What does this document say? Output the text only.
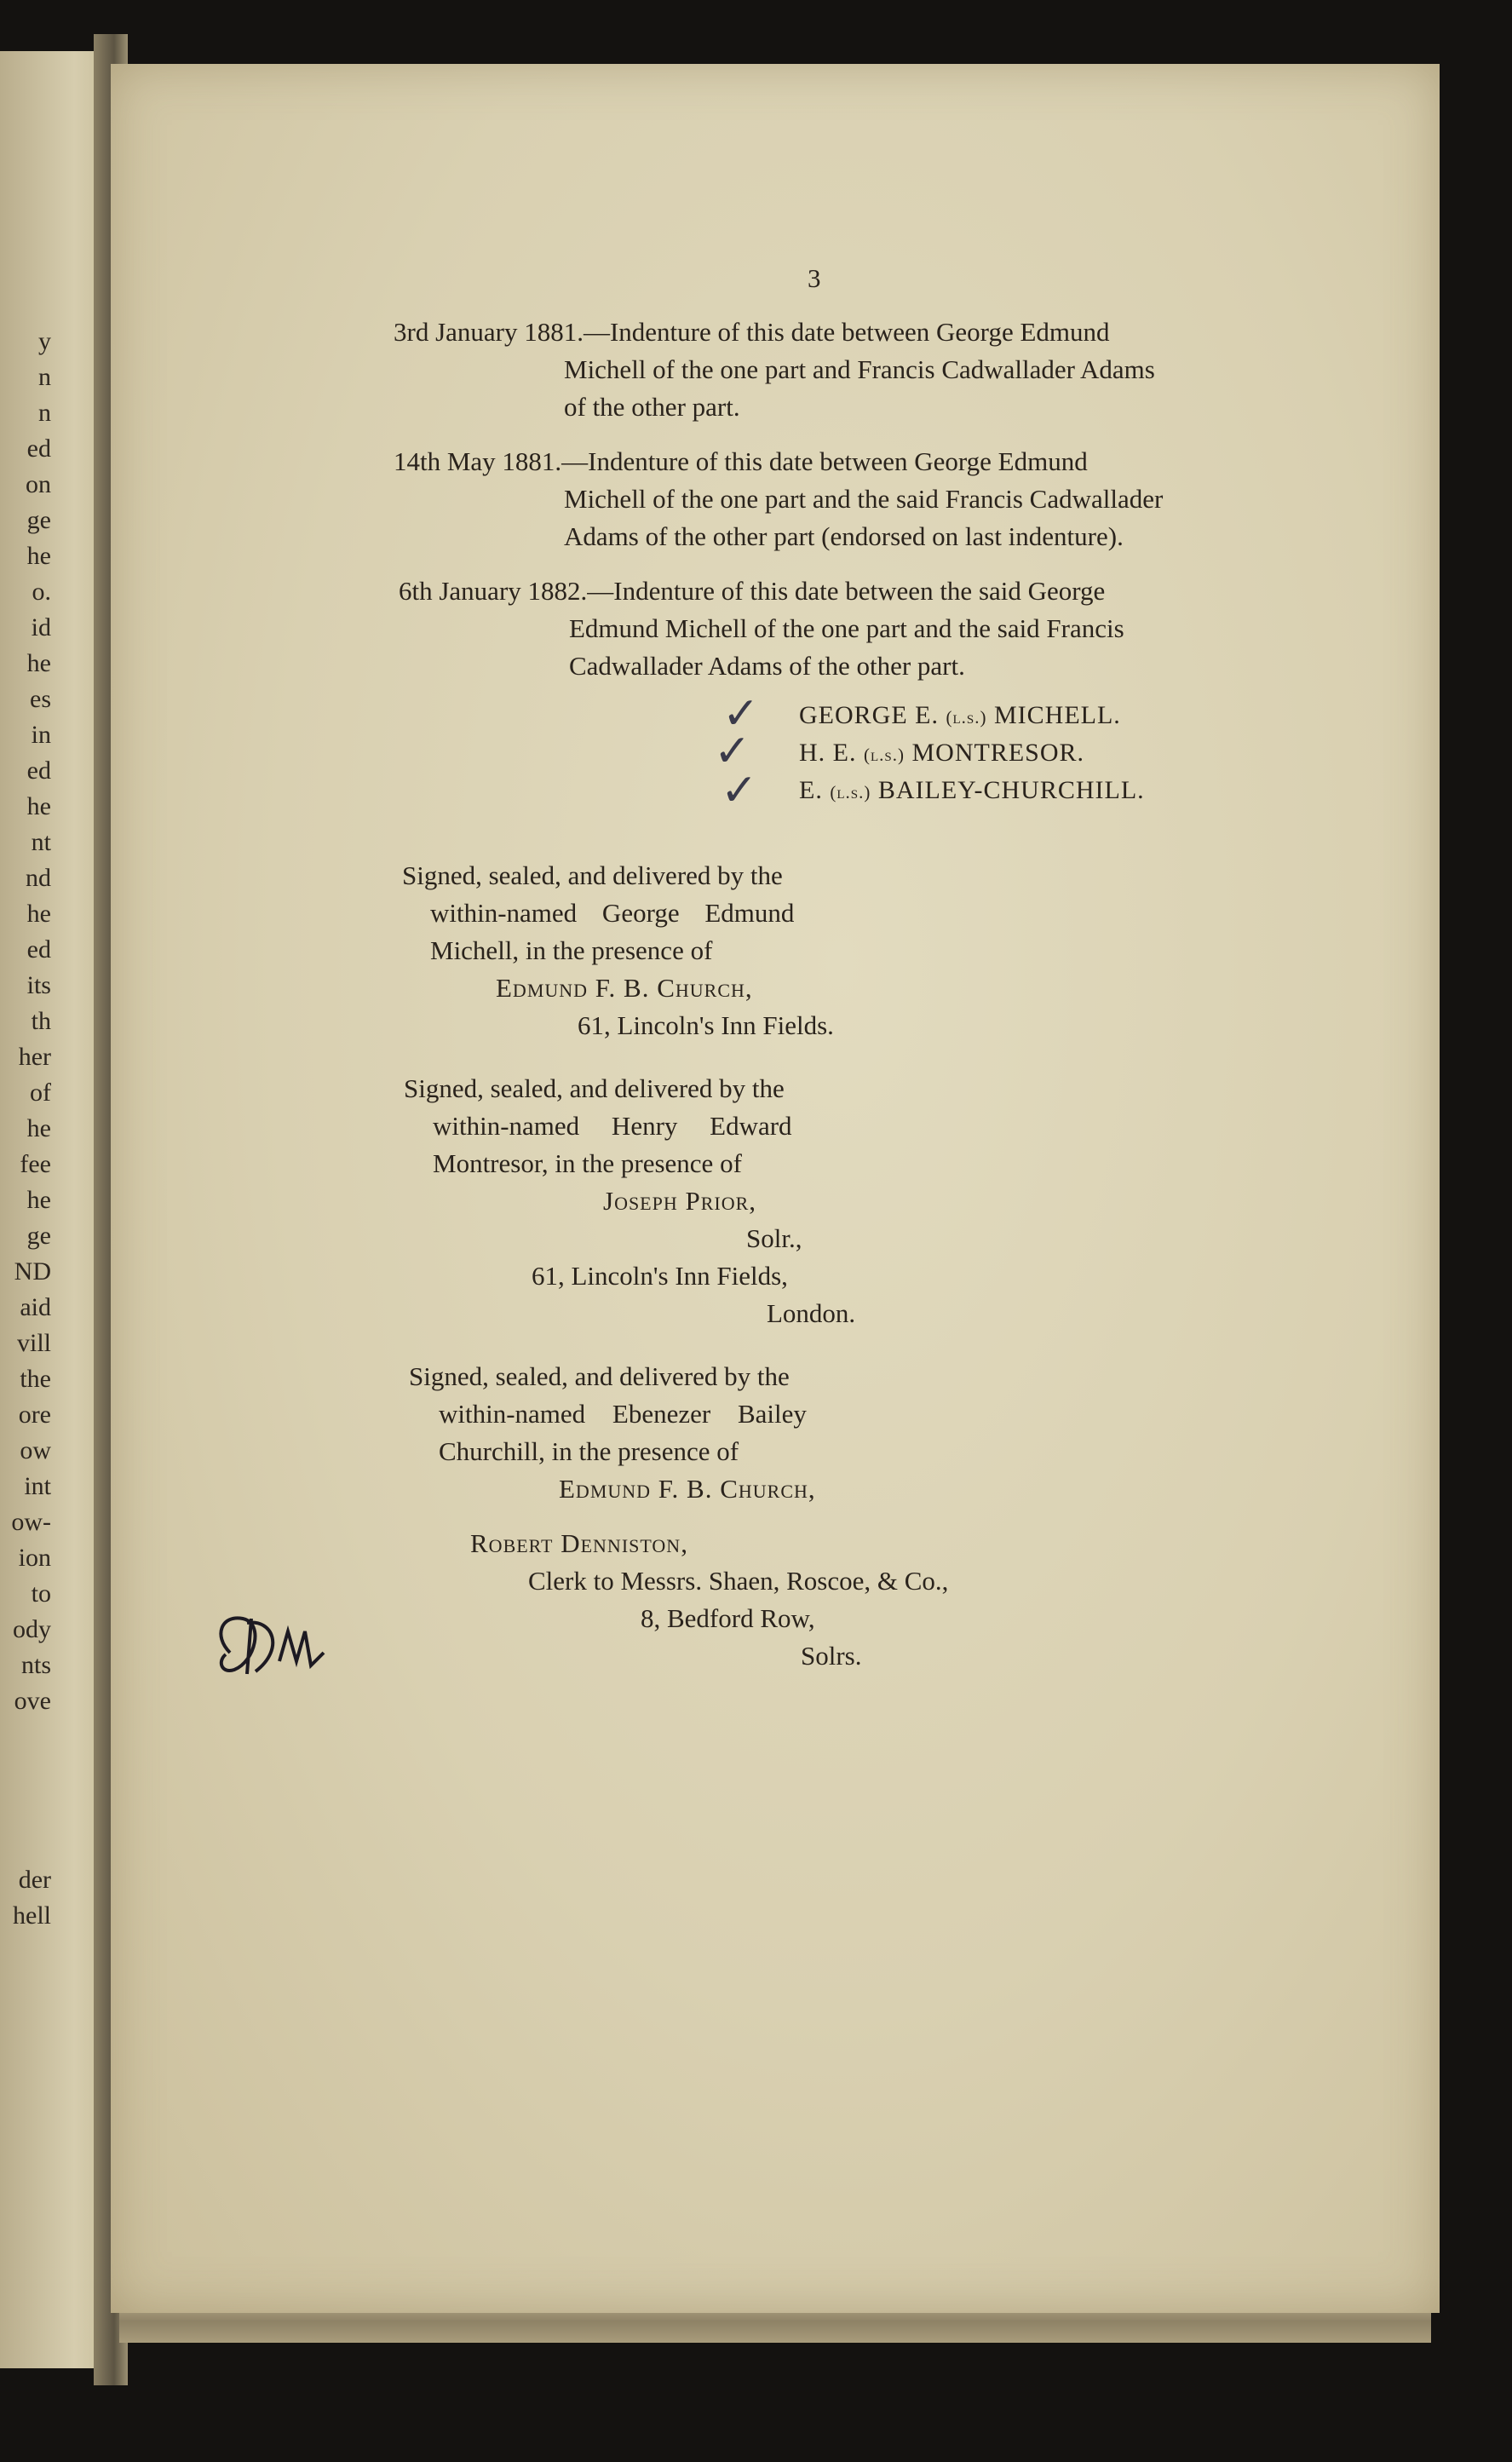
y
n
n
ed
on
ge
he
o.
id
he
es
in
ed
he
nt
nd
he
ed
its
th
her
of
he
fee
he
ge
ND
aid
vill
the
ore
ow
int
ow-
ion
to
ody
nts
ove
der
hell
3
3rd January 1881.—Indenture of this date between George Edmund
Michell of the one part and Francis Cadwallader Adams
of the other part.
14th May 1881.—Indenture of this date between George Edmund
Michell of the one part and the said Francis Cadwallader
Adams of the other part (endorsed on last indenture).
6th January 1882.—Indenture of this date between the said George
Edmund Michell of the one part and the said Francis
Cadwallader Adams of the other part.
✓
✓
✓
GEORGE E. (l.s.) MICHELL.
H. E. (l.s.) MONTRESOR.
E. (l.s.) BAILEY-CHURCHILL.
Signed, sealed, and delivered by the
within-named George Edmund
Michell, in the presence of
Edmund F. B. Church,
61, Lincoln's Inn Fields.
Signed, sealed, and delivered by the
within-named Henry Edward
Montresor, in the presence of
Joseph Prior,
Solr.,
61, Lincoln's Inn Fields,
London.
Signed, sealed, and delivered by the
within-named Ebenezer Bailey
Churchill, in the presence of
Edmund F. B. Church,
Robert Denniston,
Clerk to Messrs. Shaen, Roscoe, & Co.,
8, Bedford Row,
Solrs.
